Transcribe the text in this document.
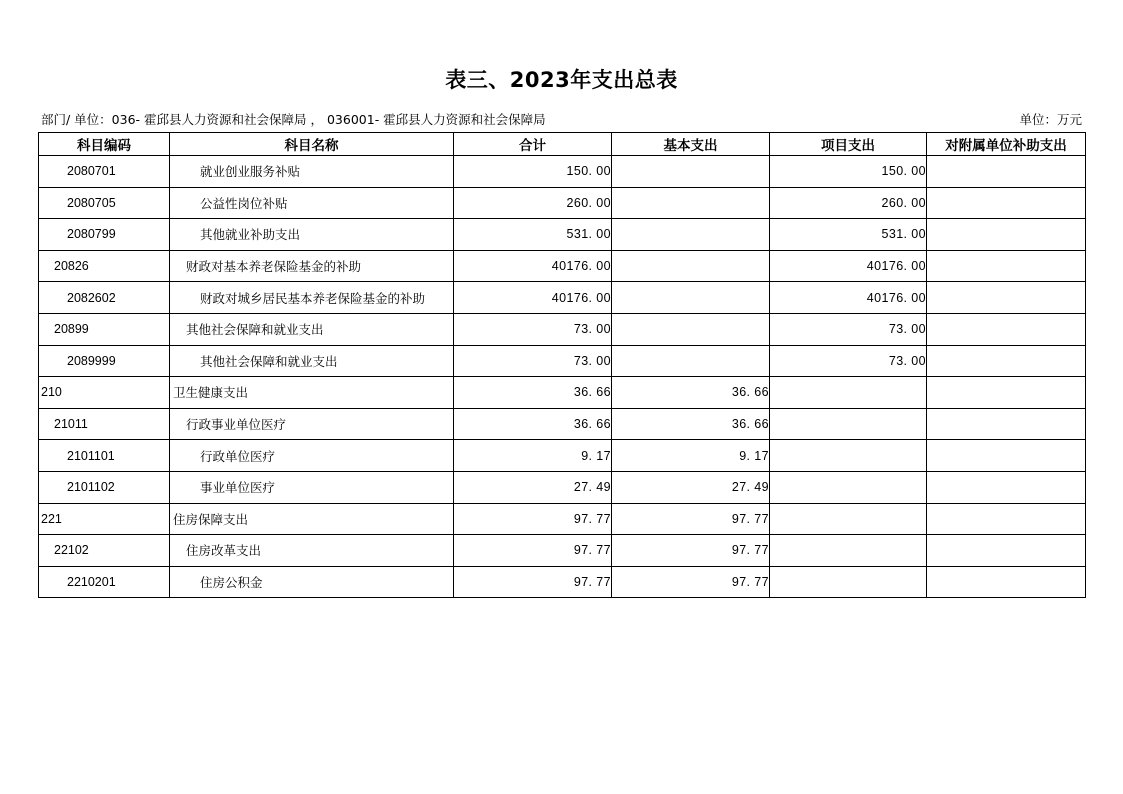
表三、2023年支出总表
部门/ 单位：036- 霍邱县人力资源和社会保障局 ， 036001- 霍邱县人力资源和社会保障局	单位：万元
科目编码	科目名称	合计	基本支出	项目支出	对附属单位补助支出
2080701	就业创业服务补贴	150. 00		150. 00	
2080705	公益性岗位补贴	260. 00		260. 00	
2080799	其他就业补助支出	531. 00		531. 00	
20826	财政对基本养老保险基金的补助	40176. 00		40176. 00	
2082602	财政对城乡居民基本养老保险基金的补助	40176. 00		40176. 00	
20899	其他社会保障和就业支出	73. 00		73. 00	
2089999	其他社会保障和就业支出	73. 00		73. 00	
210	卫生健康支出	36. 66	36. 66		
21011	行政事业单位医疗	36. 66	36. 66		
2101101	行政单位医疗	9. 17	9. 17		
2101102	事业单位医疗	27. 49	27. 49		
221	住房保障支出	97. 77	97. 77		
22102	住房改革支出	97. 77	97. 77		
2210201	住房公积金	97. 77	97. 77		
